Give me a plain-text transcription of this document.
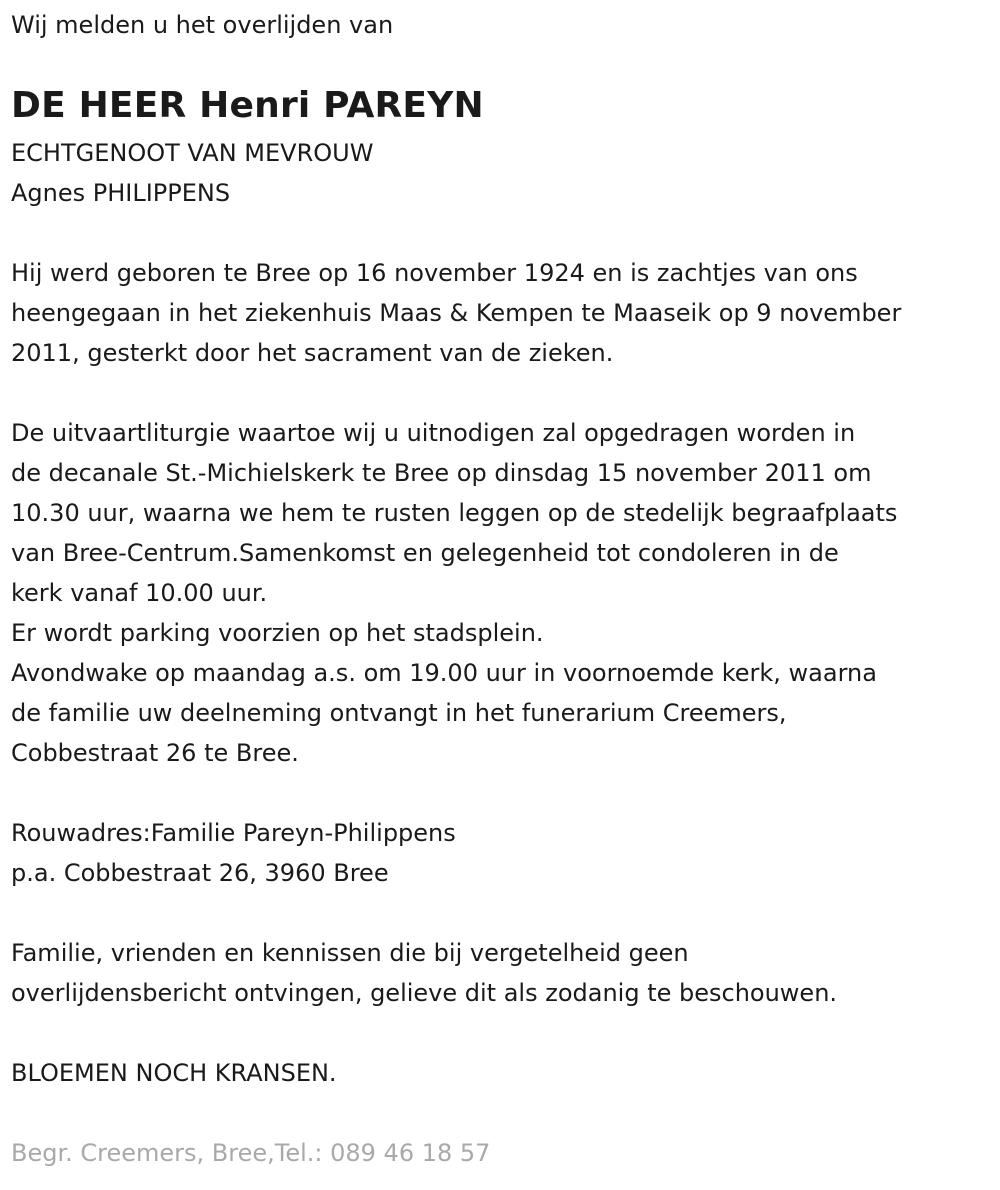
Wij melden u het overlijden van
DE HEER Henri PAREYN
ECHTGENOOT VAN MEVROUW
Agnes PHILIPPENS
Hij werd geboren te Bree op 16 november 1924 en is zachtjes van ons
heengegaan in het ziekenhuis Maas & Kempen te Maaseik op 9 november
2011, gesterkt door het sacrament van de zieken.
De uitvaartliturgie waartoe wij u uitnodigen zal opgedragen worden in
de decanale St.-Michielskerk te Bree op dinsdag 15 november 2011 om
10.30 uur, waarna we hem te rusten leggen op de stedelijk begraafplaats
van Bree-Centrum.Samenkomst en gelegenheid tot condoleren in de
kerk vanaf 10.00 uur.
Er wordt parking voorzien op het stadsplein.
Avondwake op maandag a.s. om 19.00 uur in voornoemde kerk, waarna
de familie uw deelneming ontvangt in het funerarium Creemers,
Cobbestraat 26 te Bree.
Rouwadres:Familie Pareyn-Philippens
p.a. Cobbestraat 26, 3960 Bree
Familie, vrienden en kennissen die bij vergetelheid geen
overlijdensbericht ontvingen, gelieve dit als zodanig te beschouwen.
BLOEMEN NOCH KRANSEN.
Begr. Creemers, Bree,Tel.: 089 46 18 57
